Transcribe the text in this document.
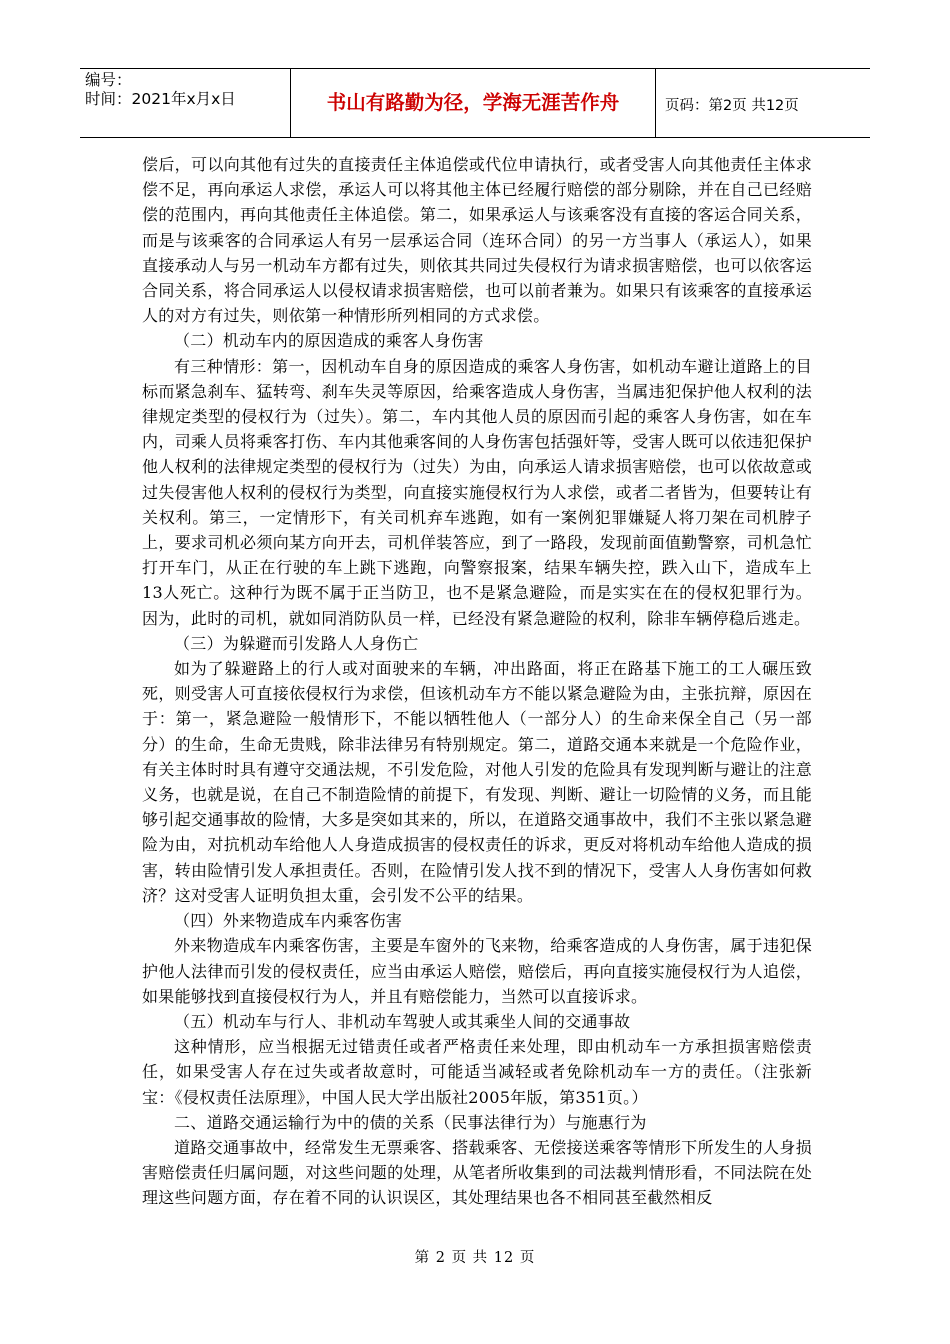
编号：
时间：2021年x月x日	书山有路勤为径，学海无涯苦作舟	页码：第2页 共12页

偿后，可以向其他有过失的直接责任主体追偿或代位申请执行，或者受害人向其他责任主体求偿不足，再向承运人求偿，承运人可以将其他主体已经履行赔偿的部分剔除，并在自己已经赔偿的范围内，再向其他责任主体追偿。第二，如果承运人与该乘客没有直接的客运合同关系，而是与该乘客的合同承运人有另一层承运合同（连环合同）的另一方当事人（承运人），如果直接承动人与另一机动车方都有过失，则依其共同过失侵权行为请求损害赔偿，也可以依客运合同关系，将合同承运人以侵权请求损害赔偿，也可以前者兼为。如果只有该乘客的直接承运人的对方有过失，则依第一种情形所列相同的方式求偿。

（二）机动车内的原因造成的乘客人身伤害

有三种情形：第一，因机动车自身的原因造成的乘客人身伤害，如机动车避让道路上的目标而紧急刹车、猛转弯、刹车失灵等原因，给乘客造成人身伤害，当属违犯保护他人权利的法律规定类型的侵权行为（过失）。第二，车内其他人员的原因而引起的乘客人身伤害，如在车内，司乘人员将乘客打伤、车内其他乘客间的人身伤害包括强奸等，受害人既可以依违犯保护他人权利的法律规定类型的侵权行为（过失）为由，向承运人请求损害赔偿，也可以依故意或过失侵害他人权利的侵权行为类型，向直接实施侵权行为人求偿，或者二者皆为，但要转让有关权利。第三，一定情形下，有关司机弃车逃跑，如有一案例犯罪嫌疑人将刀架在司机脖子上，要求司机必须向某方向开去，司机佯装答应，到了一路段，发现前面值勤警察，司机急忙打开车门，从正在行驶的车上跳下逃跑，向警察报案，结果车辆失控，跌入山下，造成车上13人死亡。这种行为既不属于正当防卫，也不是紧急避险，而是实实在在的侵权犯罪行为。因为，此时的司机，就如同消防队员一样，已经没有紧急避险的权利，除非车辆停稳后逃走。

（三）为躲避而引发路人人身伤亡

如为了躲避路上的行人或对面驶来的车辆，冲出路面，将正在路基下施工的工人碾压致死，则受害人可直接依侵权行为求偿，但该机动车方不能以紧急避险为由，主张抗辩，原因在于：第一，紧急避险一般情形下，不能以牺牲他人（一部分人）的生命来保全自己（另一部分）的生命，生命无贵贱，除非法律另有特别规定。第二，道路交通本来就是一个危险作业，有关主体时时具有遵守交通法规，不引发危险，对他人引发的危险具有发现判断与避让的注意义务，也就是说，在自己不制造险情的前提下，有发现、判断、避让一切险情的义务，而且能够引起交通事故的险情，大多是突如其来的，所以，在道路交通事故中，我们不主张以紧急避险为由，对抗机动车给他人人身造成损害的侵权责任的诉求，更反对将机动车给他人造成的损害，转由险情引发人承担责任。否则，在险情引发人找不到的情况下，受害人人身伤害如何救济？这对受害人证明负担太重，会引发不公平的结果。

（四）外来物造成车内乘客伤害

外来物造成车内乘客伤害，主要是车窗外的飞来物，给乘客造成的人身伤害，属于违犯保护他人法律而引发的侵权责任，应当由承运人赔偿，赔偿后，再向直接实施侵权行为人追偿，如果能够找到直接侵权行为人，并且有赔偿能力，当然可以直接诉求。

（五）机动车与行人、非机动车驾驶人或其乘坐人间的交通事故

这种情形，应当根据无过错责任或者严格责任来处理，即由机动车一方承担损害赔偿责任，如果受害人存在过失或者故意时，可能适当减轻或者免除机动车一方的责任。（注张新宝：《侵权责任法原理》，中国人民大学出版社2005年版，第351页。）

二、道路交通运输行为中的债的关系（民事法律行为）与施惠行为

道路交通事故中，经常发生无票乘客、搭载乘客、无偿接送乘客等情形下所发生的人身损害赔偿责任归属问题，对这些问题的处理，从笔者所收集到的司法裁判情形看，不同法院在处理这些问题方面，存在着不同的认识误区，其处理结果也各不相同甚至截然相反

第 2 页 共 12 页
